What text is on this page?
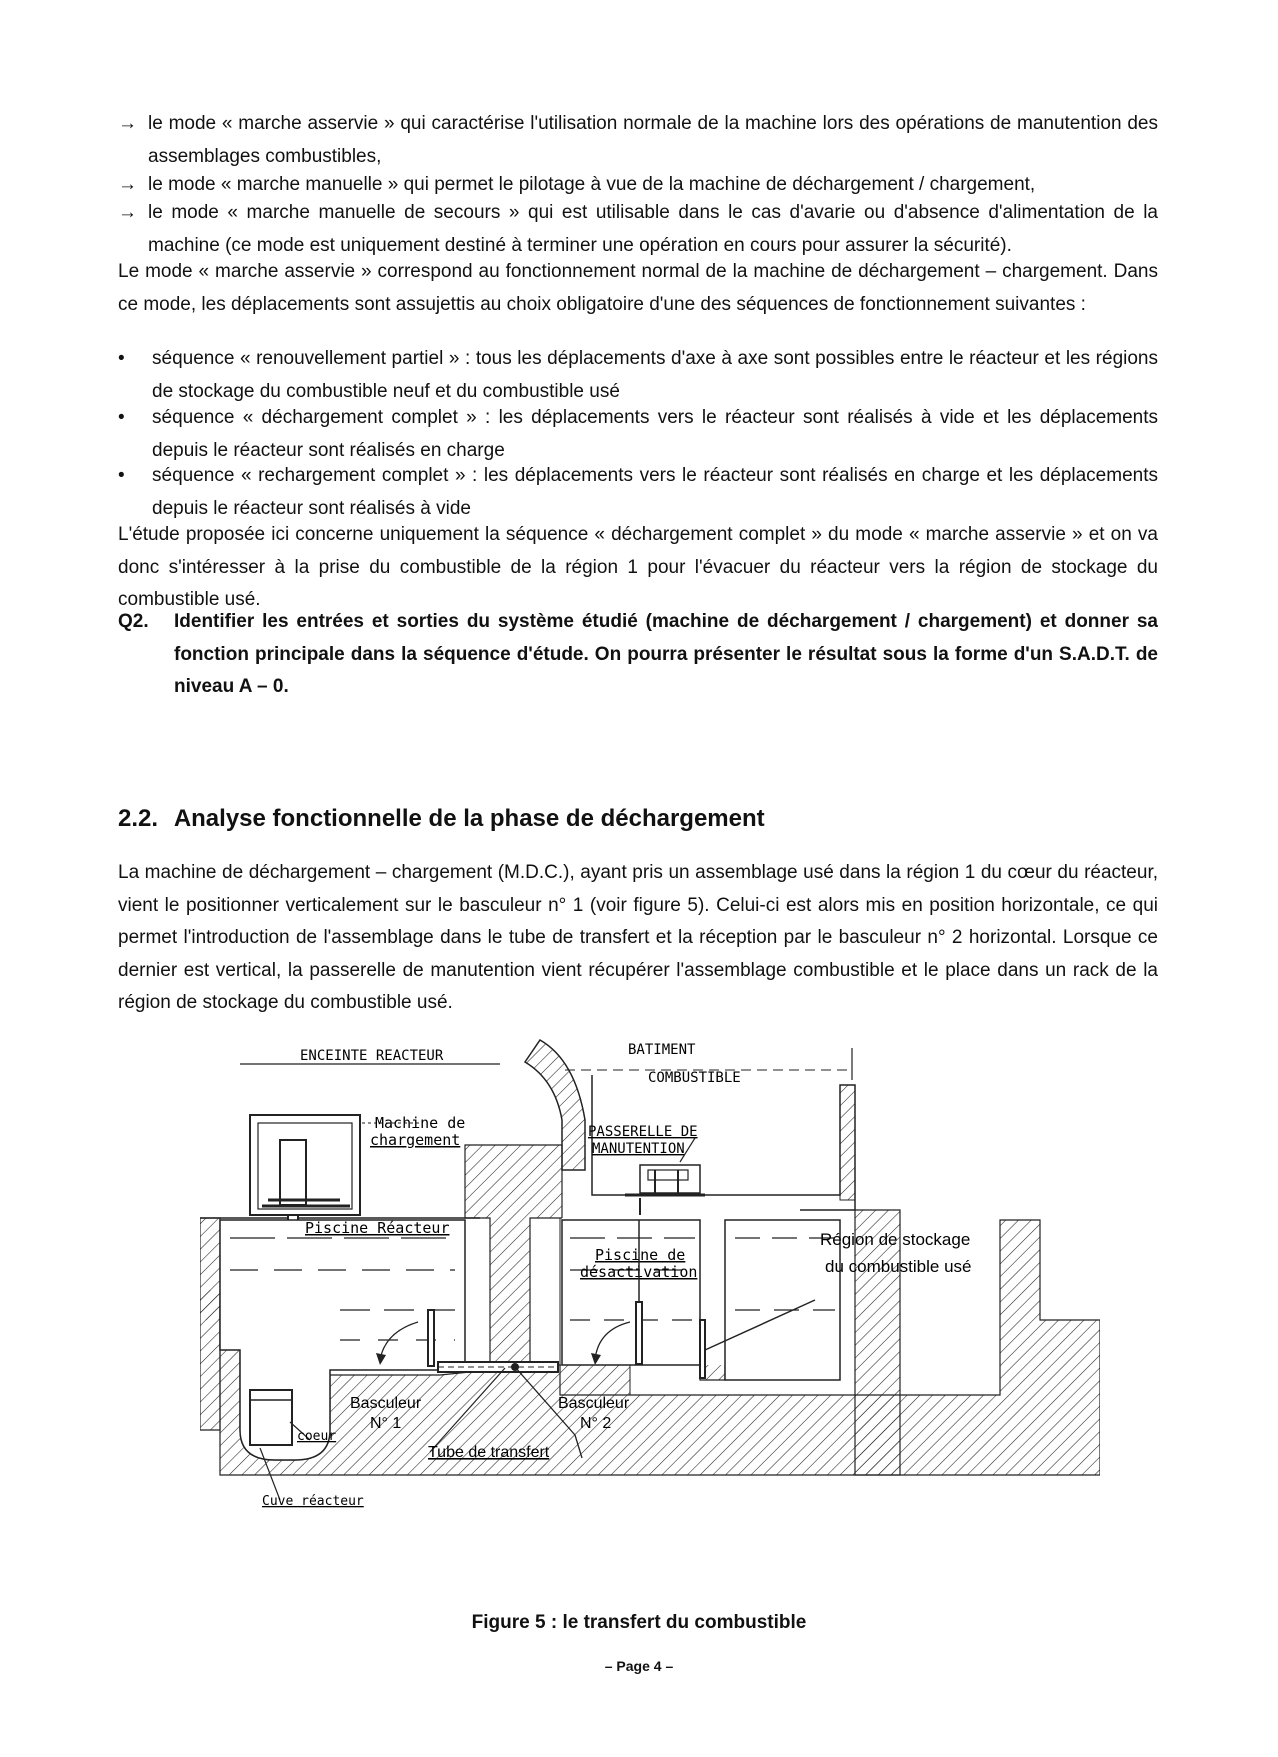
→ le mode « marche asservie » qui caractérise l'utilisation normale de la machine lors des opérations de manutention des assemblages combustibles,

→ le mode « marche manuelle » qui permet le pilotage à vue de la machine de déchargement / chargement,

→ le mode « marche manuelle de secours » qui est utilisable dans le cas d'avarie ou d'absence d'alimentation de la machine (ce mode est uniquement destiné à terminer une opération en cours pour assurer la sécurité).

Le mode « marche asservie » correspond au fonctionnement normal de la machine de déchargement – chargement. Dans ce mode, les déplacements sont assujettis au choix obligatoire d'une des séquences de fonctionnement suivantes :

•	séquence « renouvellement partiel » : tous les déplacements d'axe à axe sont possibles entre le réacteur et les régions de stockage du combustible neuf et du combustible usé
•	séquence « déchargement complet » : les déplacements vers le réacteur sont réalisés à vide et les déplacements depuis le réacteur sont réalisés en charge
•	séquence « rechargement complet » : les déplacements vers le réacteur sont réalisés en charge et les déplacements depuis le réacteur sont réalisés à vide

L'étude proposée ici concerne uniquement la séquence « déchargement complet » du mode « marche asservie » et on va donc s'intéresser à la prise du combustible de la région 1 pour l'évacuer du réacteur vers la région de stockage du combustible usé.

Q2.	Identifier les entrées et sorties du système étudié (machine de déchargement / chargement) et donner sa fonction principale dans la séquence d'étude. On pourra présenter le résultat sous la forme d'un S.A.D.T. de niveau A – 0.
2.2. Analyse fonctionnelle de la phase de déchargement

La machine de déchargement – chargement (M.D.C.), ayant pris un assemblage usé dans la région 1 du cœur du réacteur, vient le positionner verticalement sur le basculeur n° 1 (voir figure 5). Celui-ci est alors mis en position horizontale, ce qui permet l'introduction de l'assemblage dans le tube de transfert et la réception par le basculeur n° 2 horizontal. Lorsque ce dernier est vertical, la passerelle de manutention vient récupérer l'assemblage combustible et le place dans un rack de la région de stockage du combustible usé.

ENCEINTE REACTEUR	BATIMENT
COMBUSTIBLE
Machine de
chargement	PASSERELLE DE
MANUTENTION
Piscine Réacteur
Piscine de
désactivation
Basculeur
N° 1
Basculeur
N° 2
coeur
Tube de transfert
Cuve réacteur
Région de stockage
du combustible usé
Figure 5 : le transfert du combustible
– Page 4 –
